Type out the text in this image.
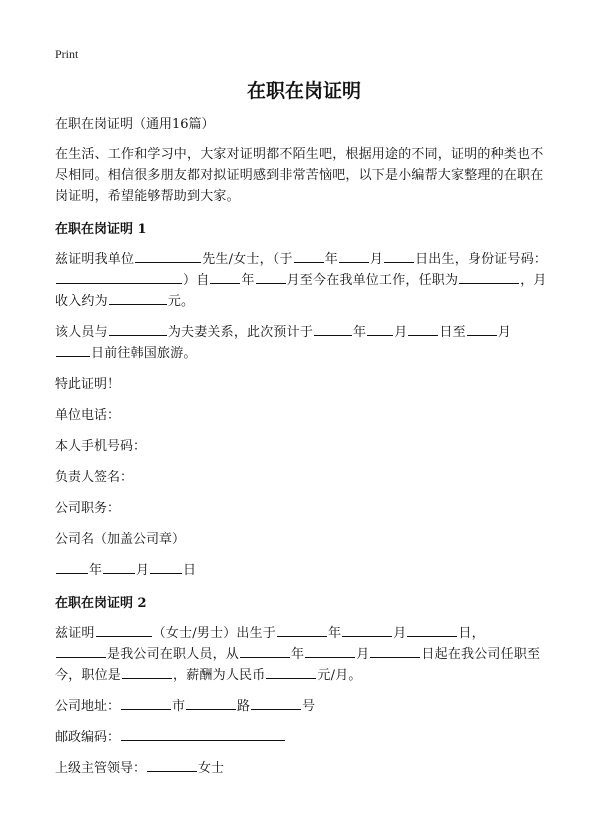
Print

在职在岗证明

在职在岗证明（通用16篇）

在生活、工作和学习中，大家对证明都不陌生吧，根据用途的不同，证明的种类也不尽相同。相信很多朋友都对拟证明感到非常苦恼吧，以下是小编帮大家整理的在职在岗证明，希望能够帮助到大家。

在职在岗证明 1

兹证明我单位	先生/女士，（于 年 月 日出生，身份证号码：）自 年 月至今在我单位工作，任职为	，月收入约为	元。

该人员与	为夫妻关系，此次预计于	年 月 日至 月
日前往韩国旅游。

特此证明！

单位电话：

本人手机号码：

负责人签名：

公司职务：

公司名（加盖公司章）

年	月	日

在职在岗证明 2

兹证明	（女士/男士）出生于	年	月	日，
是我公司在职人员，从	年	月	日起在我公司任职至今，职位是	，薪酬为人民币	元/月。

公司地址：	市	路	号

邮政编码：

上级主管领导：	女士
